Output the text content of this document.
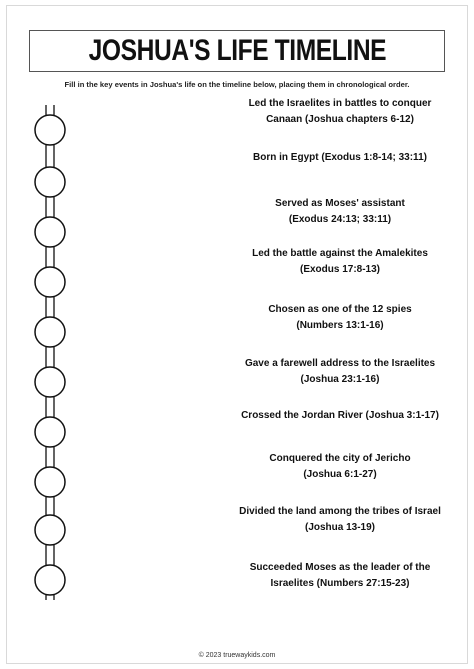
JOSHUA'S LIFE TIMELINE
Fill in the key events in Joshua's life on the timeline below, placing them in chronological order.
Led the Israelites in battles to conquer
Canaan (Joshua chapters 6-12)
Born in Egypt (Exodus 1:8-14; 33:11)
Served as Moses' assistant
(Exodus 24:13; 33:11)
Led the battle against the Amalekites
(Exodus 17:8-13)
Chosen as one of the 12 spies
(Numbers 13:1-16)
Gave a farewell address to the Israelites
(Joshua 23:1-16)
Crossed the Jordan River (Joshua 3:1-17)
Conquered the city of Jericho
(Joshua 6:1-27)
Divided the land among the tribes of Israel
(Joshua 13-19)
Succeeded Moses as the leader of the
Israelites (Numbers 27:15-23)
© 2023 truewaykids.com
